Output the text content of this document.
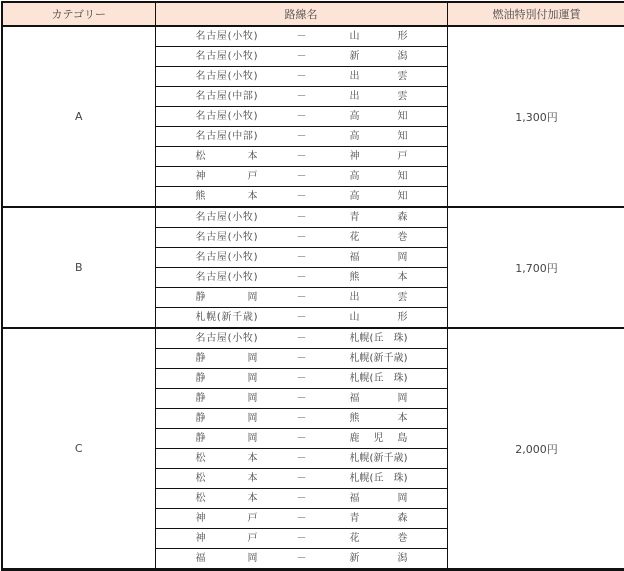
カテゴリー	路線名	燃油特別付加運賃
A	名古屋(小牧) － 山　形	1,300円

	名古屋(小牧) － 新　潟	

	名古屋(小牧) － 出　雲	

	名古屋(中部) － 出　雲	

	名古屋(小牧) － 高　知	

	名古屋(中部) － 高　知	

	松　本 － 神　戸	

	神　戸 － 高　知	

	熊　本 － 高　知	

B	名古屋(小牧) － 青　森	1,700円

	名古屋(小牧) － 花　巻	

	名古屋(小牧) － 福　岡	

	名古屋(小牧) － 熊　本	

	静　岡 － 出　雲	

	札幌(新千歳) － 山　形	

C	名古屋(小牧) － 札幌(丘　珠)	2,000円

	静　岡 － 札幌(新千歳)	

	静　岡 － 札幌(丘　珠)	

	静　岡 － 福　岡	

	静　岡 － 熊　本	

	静　岡 － 鹿　児　島	

	松　本 － 札幌(新千歳)	

	松　本 － 札幌(丘　珠)	

	松　本 － 福　岡	

	神　戸 － 青　森	

	神　戸 － 花　巻	

	福　岡 － 新　潟	
